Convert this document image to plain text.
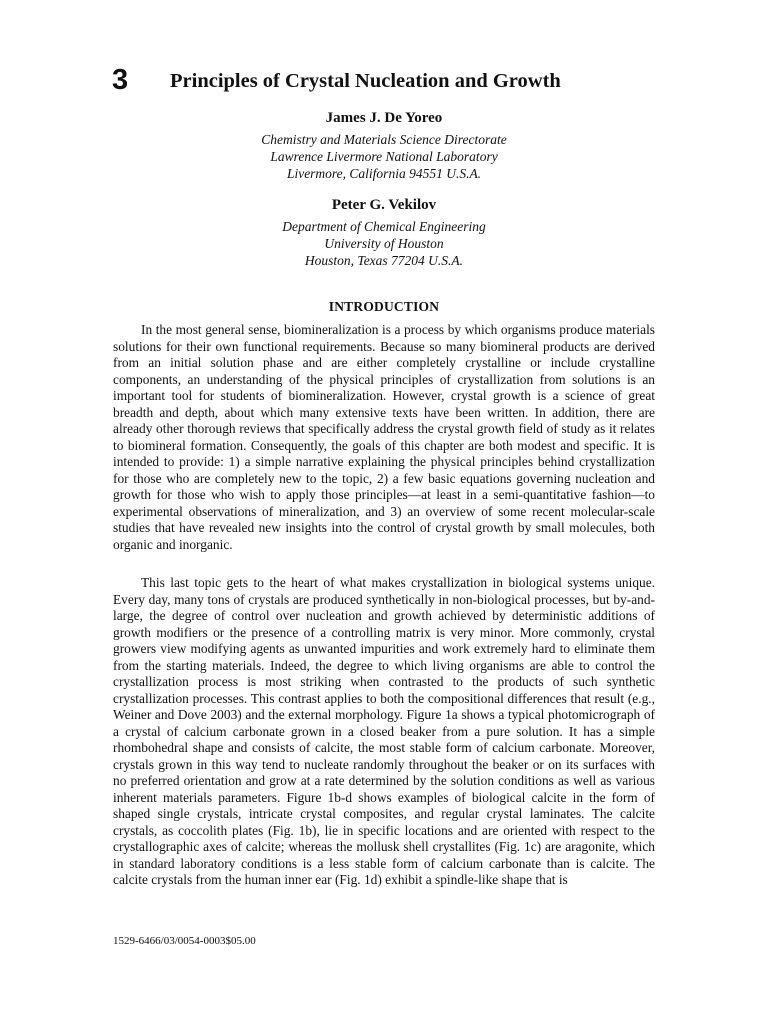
3 Principles of Crystal Nucleation and Growth
James J. De Yoreo
Chemistry and Materials Science Directorate
Lawrence Livermore National Laboratory
Livermore, California 94551 U.S.A.
Peter G. Vekilov
Department of Chemical Engineering
University of Houston
Houston, Texas 77204 U.S.A.
INTRODUCTION

In the most general sense, biomineralization is a process by which organisms produce materials solutions for their own functional requirements. Because so many biomineral products are derived from an initial solution phase and are either completely crystalline or include crystalline components, an understanding of the physical principles of crystallization from solutions is an important tool for students of biomineralization. However, crystal growth is a science of great breadth and depth, about which many extensive texts have been written. In addition, there are already other thorough reviews that specifically address the crystal growth field of study as it relates to biomineral formation. Consequently, the goals of this chapter are both modest and specific. It is intended to provide: 1) a simple narrative explaining the physical principles behind crystallization for those who are completely new to the topic, 2) a few basic equations governing nucleation and growth for those who wish to apply those principles—at least in a semi-quantitative fashion—to experimental observations of mineralization, and 3) an overview of some recent molecular-scale studies that have revealed new insights into the control of crystal growth by small molecules, both organic and inorganic.

This last topic gets to the heart of what makes crystallization in biological systems unique. Every day, many tons of crystals are produced synthetically in non-biological processes, but by-and-large, the degree of control over nucleation and growth achieved by deterministic additions of growth modifiers or the presence of a controlling matrix is very minor. More commonly, crystal growers view modifying agents as unwanted impurities and work extremely hard to eliminate them from the starting materials. Indeed, the degree to which living organisms are able to control the crystallization process is most striking when contrasted to the products of such synthetic crystallization processes. This contrast applies to both the compositional differences that result (e.g., Weiner and Dove 2003) and the external morphology. Figure 1a shows a typical photomicrograph of a crystal of calcium carbonate grown in a closed beaker from a pure solution. It has a simple rhombohedral shape and consists of calcite, the most stable form of calcium carbonate. Moreover, crystals grown in this way tend to nucleate randomly throughout the beaker or on its surfaces with no preferred orientation and grow at a rate determined by the solution conditions as well as various inherent materials parameters. Figure 1b-d shows examples of biological calcite in the form of shaped single crystals, intricate crystal composites, and regular crystal laminates. The calcite crystals, as coccolith plates (Fig. 1b), lie in specific locations and are oriented with respect to the crystallographic axes of calcite; whereas the mollusk shell crystallites (Fig. 1c) are aragonite, which in standard laboratory conditions is a less stable form of calcium carbonate than is calcite. The calcite crystals from the human inner ear (Fig. 1d) exhibit a spindle-like shape that is

1529-6466/03/0054-0003$05.00
